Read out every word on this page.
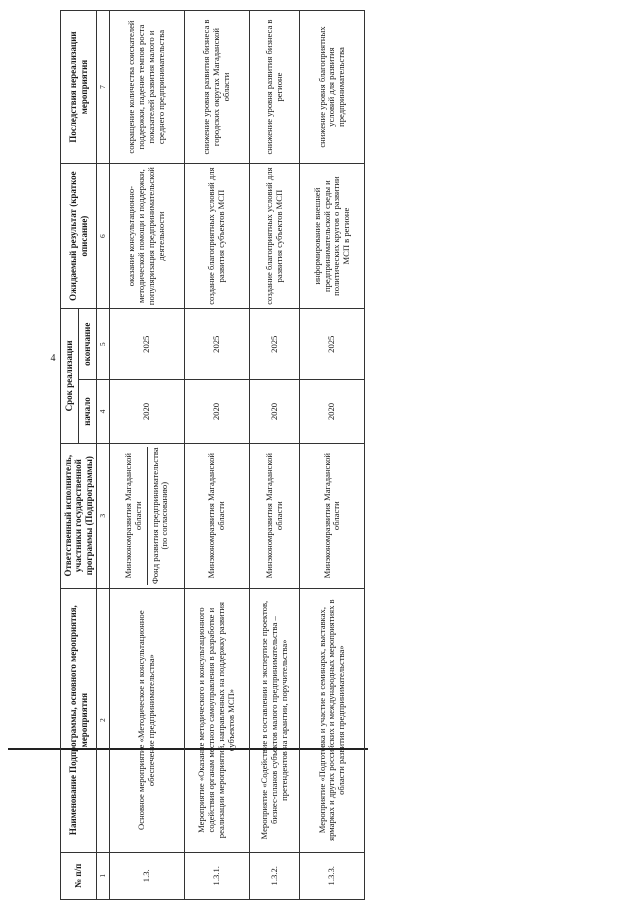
4
№ п/п	Наименование Подпрограммы, основного мероприятия, мероприятия	Ответственный исполнитель, участники государственной программы (Подпрограммы)	Срок реализации		Ожидаемый результат (краткое описание)	Последствия нереализации мероприятия
			начало	окончание		
1	2	3	4	5	6	7
1.3.	Основное мероприятие «Методическое и консультационное обеспечение предпринимательства»	Минэкономразвития Магаданской области Фонд развития предпринимательства (по согласованию)	2020	2025	оказание консультационно-методической помощи и поддержки, популяризация предпринимательской деятельности	сокращение количества соискателей поддержки, падение темпов роста показателей развития малого и среднего предпринимательства
1.3.1.	Мероприятие «Оказание методического и консультационного содействия органам местного самоуправления в разработке и реализации мероприятий, направленных на поддержку развития субъектов МСП»	Минэкономразвития Магаданской области	2020	2025	создание благоприятных условий для развития субъектов МСП	снижение уровня развития бизнеса в городских округах Магаданской области
1.3.2.	Мероприятие «Содействие в составлении и экспертизе проектов, бизнес-планов субъектов малого предпринимательства – претендентов на гарантии, поручительства»	Минэкономразвития Магаданской области	2020	2025	создание благоприятных условий для развития субъектов МСП	снижение уровня развития бизнеса в регионе
1.3.3.	Мероприятие «Подготовка и участие в семинарах, выставках, ярмарках и других российских и международных мероприятиях в области развития предпринимательства»	Минэкономразвития Магаданской области	2020	2025	информирование внешней предпринимательской среды и политических кругов о развитии МСП в регионе	снижение уровня благоприятных условий для развития предпринимательства
